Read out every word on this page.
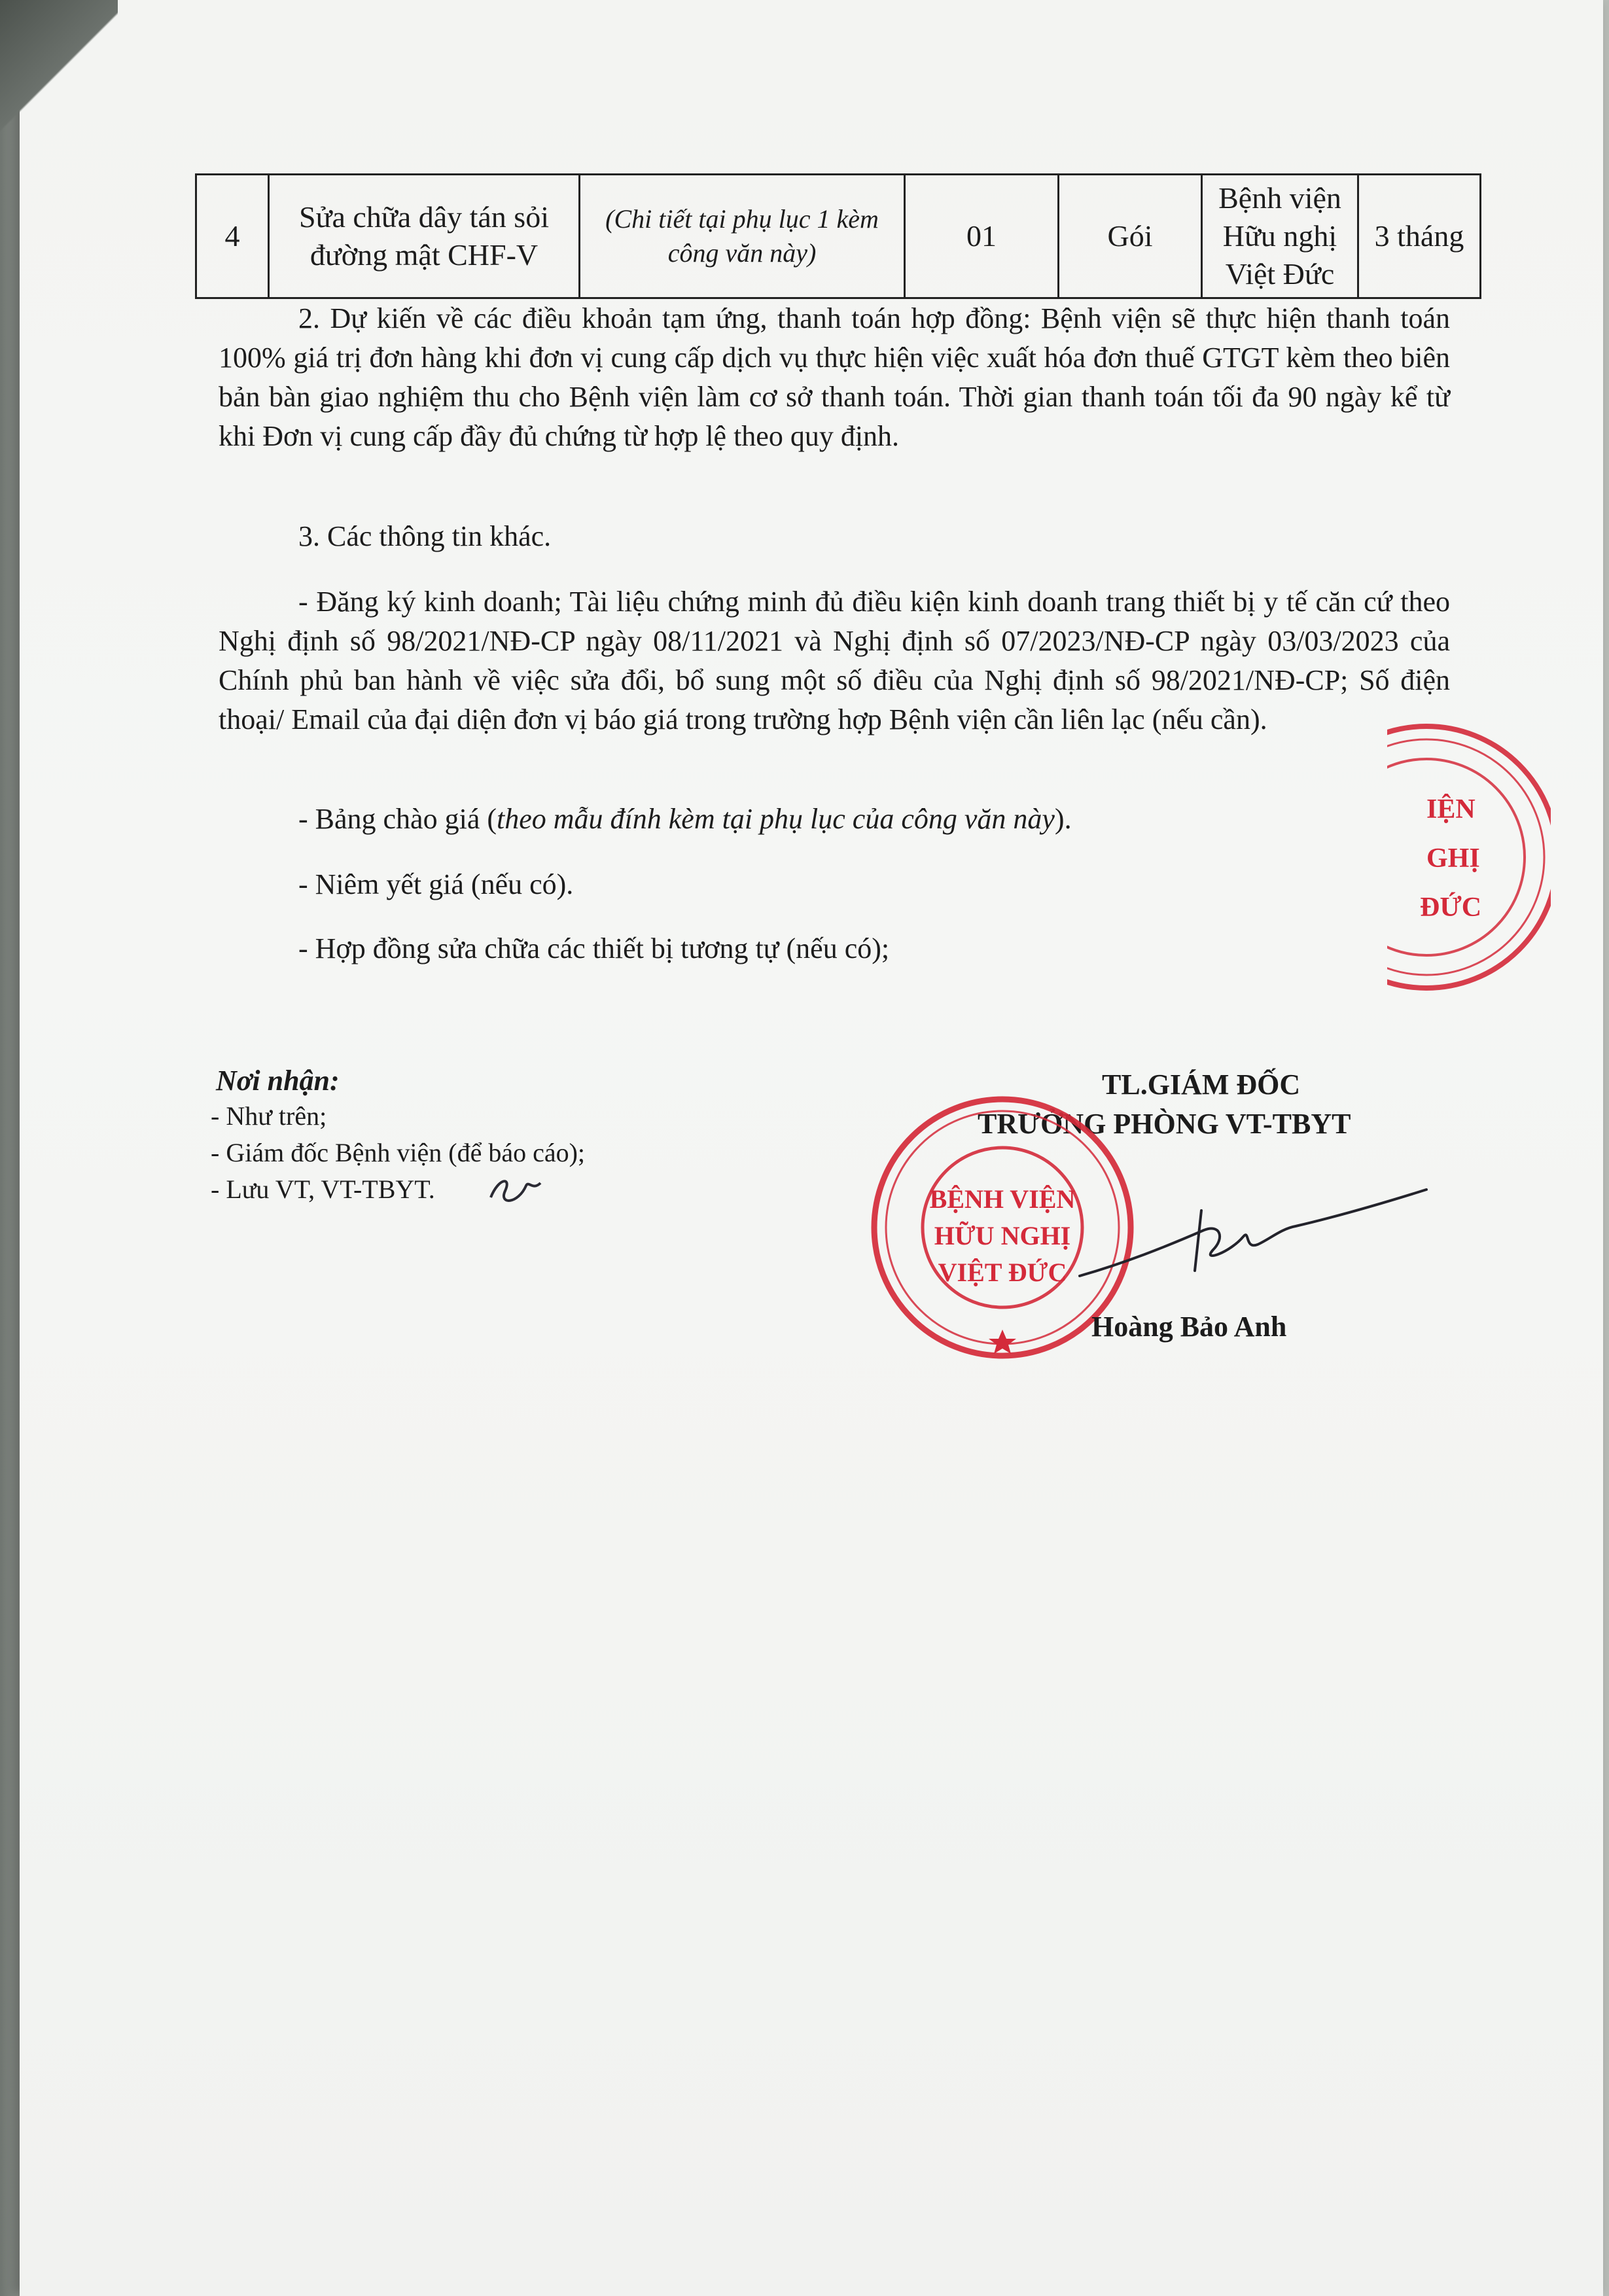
4	Sửa chữa dây tán sỏi đường mật CHF-V	(Chi tiết tại phụ lục 1 kèm công văn này)	01	Gói	Bệnh viện Hữu nghị Việt Đức	3 tháng

2. Dự kiến về các điều khoản tạm ứng, thanh toán hợp đồng: Bệnh viện sẽ thực hiện thanh toán 100% giá trị đơn hàng khi đơn vị cung cấp dịch vụ thực hiện việc xuất hóa đơn thuế GTGT kèm theo biên bản bàn giao nghiệm thu cho Bệnh viện làm cơ sở thanh toán. Thời gian thanh toán tối đa 90 ngày kể từ khi Đơn vị cung cấp đầy đủ chứng từ hợp lệ theo quy định.

3. Các thông tin khác.

- Đăng ký kinh doanh; Tài liệu chứng minh đủ điều kiện kinh doanh trang thiết bị y tế căn cứ theo Nghị định số 98/2021/NĐ-CP ngày 08/11/2021 và Nghị định số 07/2023/NĐ-CP ngày 03/03/2023 của Chính phủ ban hành về việc sửa đổi, bổ sung một số điều của Nghị định số 98/2021/NĐ-CP; Số điện thoại/ Email của đại diện đơn vị báo giá trong trường hợp Bệnh viện cần liên lạc (nếu cần).

- Bảng chào giá (theo mẫu đính kèm tại phụ lục của công văn này).

- Niêm yết giá (nếu có).

- Hợp đồng sửa chữa các thiết bị tương tự (nếu có);

IỆN
GHỊ
ĐỨC

Nơi nhận:

- Như trên;

- Giám đốc Bệnh viện (để báo cáo);

- Lưu VT, VT-TBYT.

TL.GIÁM ĐỐC

TRƯỞNG PHÒNG VT-TBYT

BỆNH VIỆN
HỮU NGHỊ
VIỆT ĐỨC

Hoàng Bảo Anh
